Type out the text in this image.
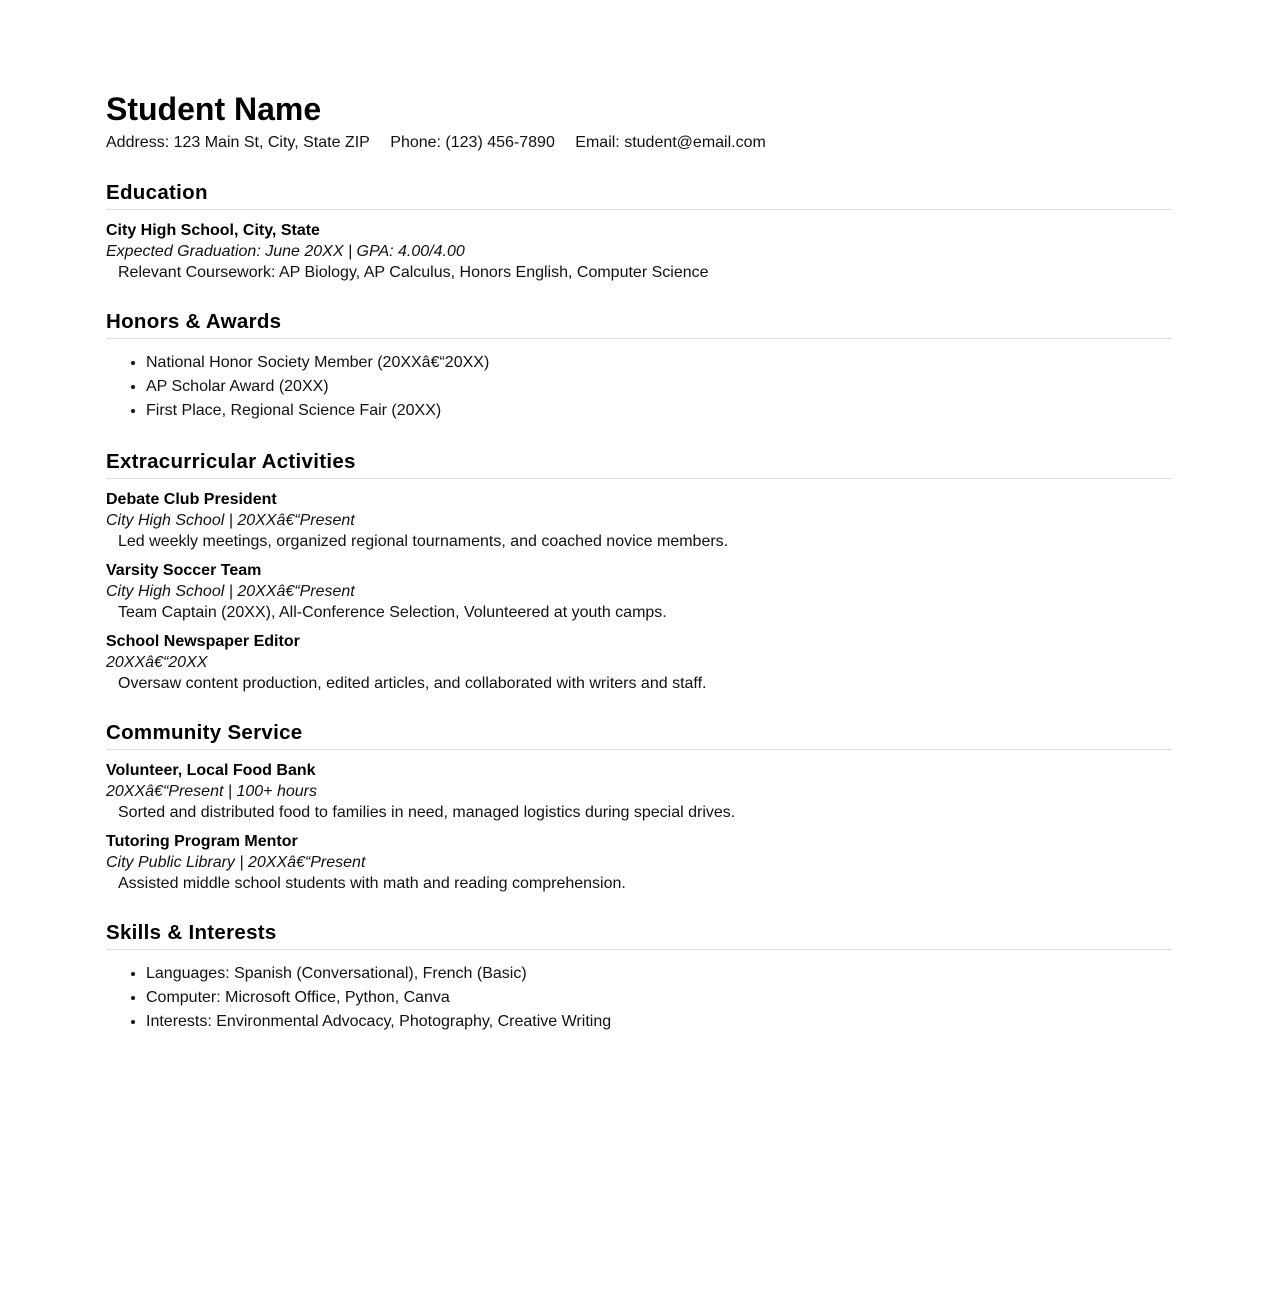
Student Name
Address: 123 Main St, City, State ZIP Phone: (123) 456-7890 Email: student@email.com
Education
City High School, City, State
Expected Graduation: June 20XX | GPA: 4.00/4.00
Relevant Coursework: AP Biology, AP Calculus, Honors English, Computer Science
Honors & Awards
• National Honor Society Member (20XXâ€“20XX)
• AP Scholar Award (20XX)
• First Place, Regional Science Fair (20XX)
Extracurricular Activities
Debate Club President
City High School | 20XXâ€“Present
Led weekly meetings, organized regional tournaments, and coached novice members.
Varsity Soccer Team
City High School | 20XXâ€“Present
Team Captain (20XX), All-Conference Selection, Volunteered at youth camps.
School Newspaper Editor
20XXâ€“20XX
Oversaw content production, edited articles, and collaborated with writers and staff.
Community Service
Volunteer, Local Food Bank
20XXâ€“Present | 100+ hours
Sorted and distributed food to families in need, managed logistics during special drives.
Tutoring Program Mentor
City Public Library | 20XXâ€“Present
Assisted middle school students with math and reading comprehension.
Skills & Interests
• Languages: Spanish (Conversational), French (Basic)
• Computer: Microsoft Office, Python, Canva
• Interests: Environmental Advocacy, Photography, Creative Writing
